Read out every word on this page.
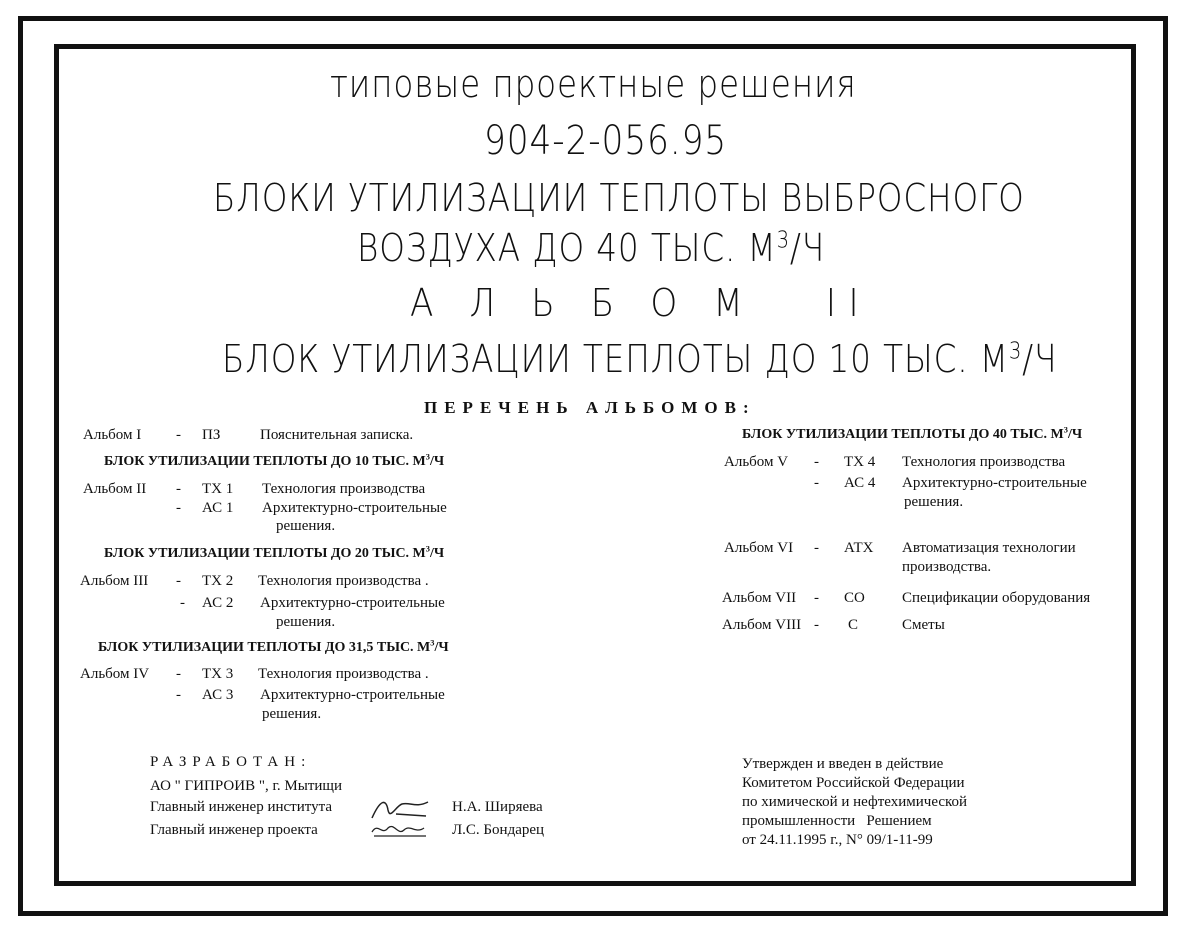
типовые проектные решения
904-2-056.95
БЛОКИ УТИЛИЗАЦИИ ТЕПЛОТЫ ВЫБРОСНОГО
ВОЗДУХА ДО 40 ТЫС. $М^3/Ч$
А Л Ь Б О М   II
БЛОК УТИЛИЗАЦИИ ТЕПЛОТЫ ДО 10 ТЫС. $М^3/Ч$
ПЕРЕЧЕНЬ АЛЬБОМОВ:
Альбом I - ПЗ	Пояснительная записка.
БЛОК УТИЛИЗАЦИИ ТЕПЛОТЫ ДО 10 ТЫС. $М^3/Ч$
Альбом II - ТХ 1 Технология производства
- АС 1 Архитектурно-строительные
решения.
БЛОК УТИЛИЗАЦИИ ТЕПЛОТЫ ДО 20 ТЫС. $М^3/Ч$
Альбом III - ТХ 2 Технология производства .
- АС 2 Архитектурно-строительные
решения.
БЛОК УТИЛИЗАЦИИ ТЕПЛОТЫ ДО 31,5 ТЫС. $М^3/Ч$
Альбом IV - ТХ 3 Технология производства .
- АС 3 Архитектурно-строительные
решения.
БЛОК УТИЛИЗАЦИИ ТЕПЛОТЫ ДО 40 ТЫС. $М^3/Ч$
Альбом V - ТХ 4 Технология производства
- АС 4 Архитектурно-строительные
решения.
Альбом VI - АТХ Автоматизация технологии
производства.
Альбом VII - СО Спецификации оборудования
Альбом VIII - С	Сметы
РАЗРАБОТАН:
АО " ГИПРОИВ ", г. Мытищи
Главный инженер института	Н.А. Ширяева
Главный инженер проекта	Л.С. Бондарец
Утвержден и введен в действие
Комитетом Российской Федерации
по химической и нефтехимической
промышленности   Решением
от 24.11.1995 г., N° 09/1-11-99
